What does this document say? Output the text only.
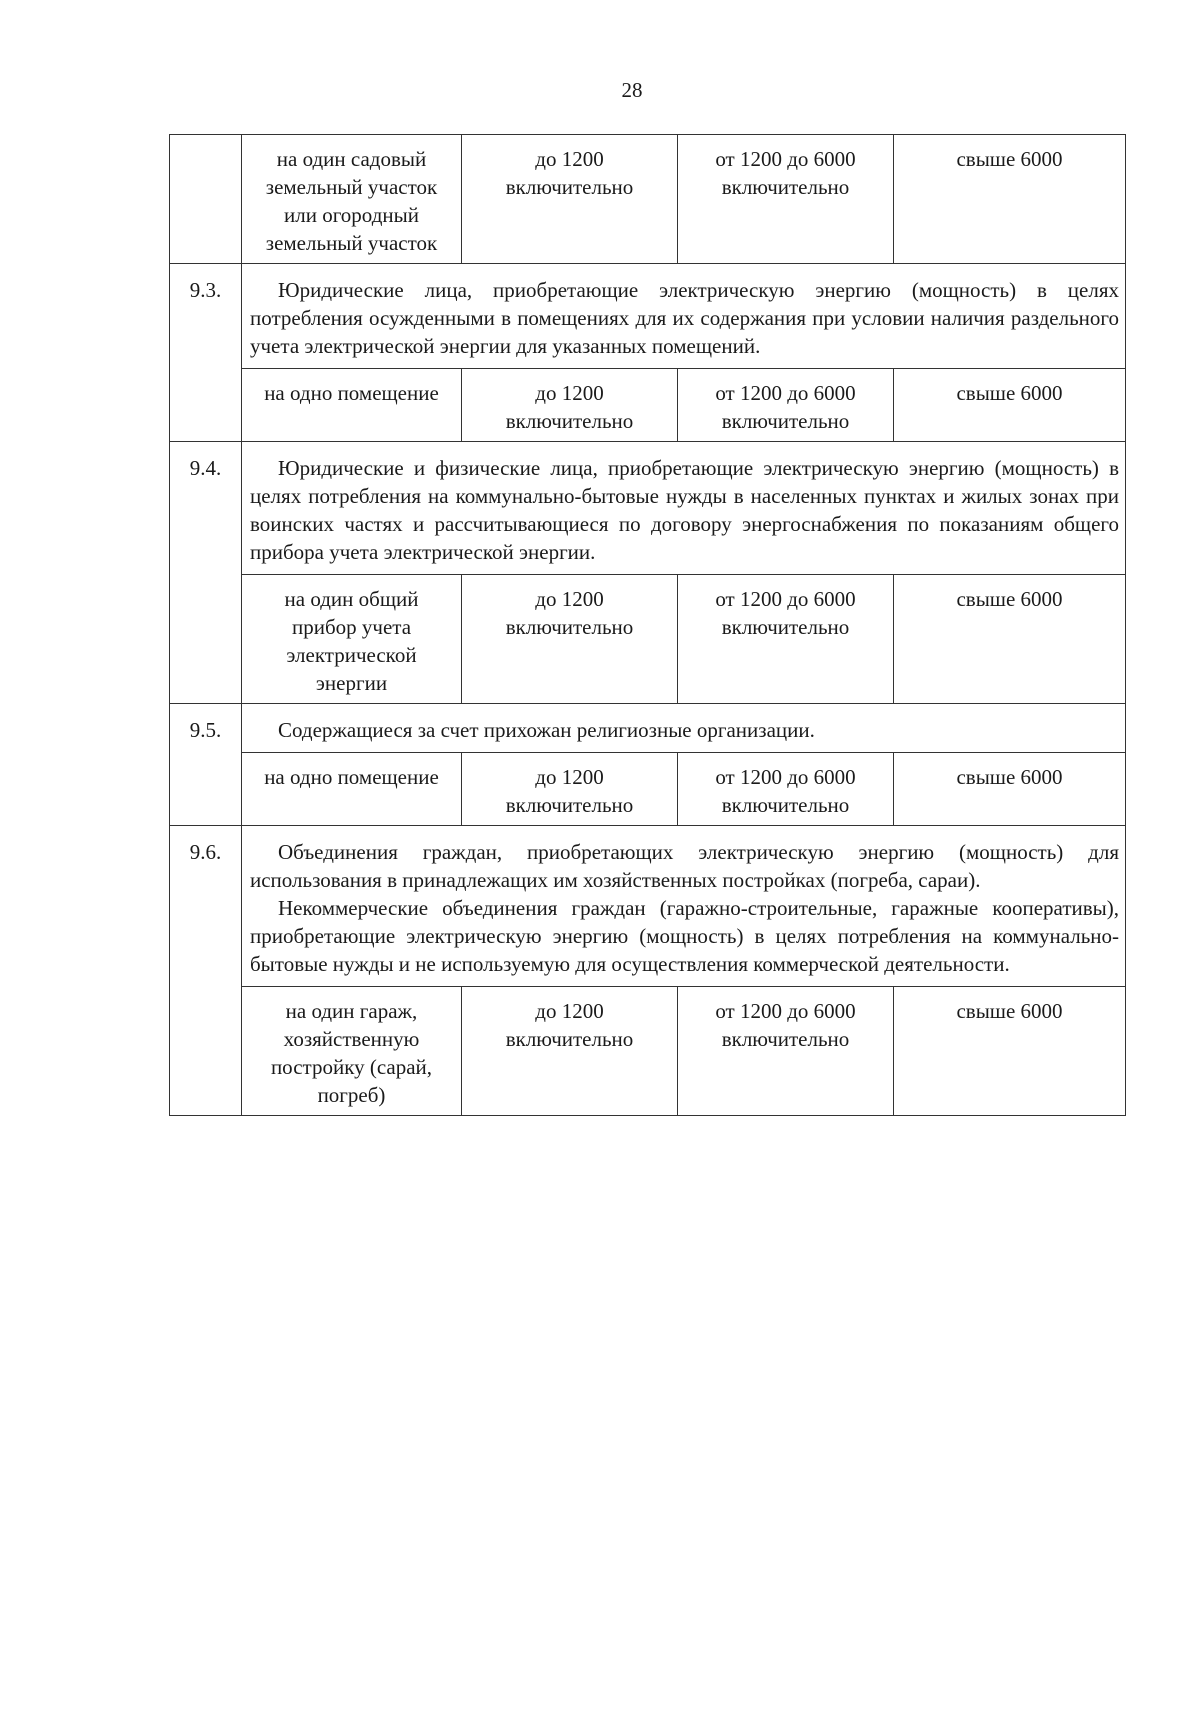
28
	на один садовый земельный участок или огородный земельный участок	до 1200 включительно	от 1200 до 6000 включительно	свыше 6000
9.3.	Юридические лица, приобретающие электрическую энергию (мощность) в целях потребления осужденными в помещениях для их содержания при условии наличия раздельного учета электрической энергии для указанных помещений.			

	на одно помещение	до 1200 включительно	от 1200 до 6000 включительно	свыше 6000
9.4.	Юридические и физические лица, приобретающие электрическую энергию (мощность) в целях потребления на коммунально-бытовые нужды в населенных пунктах и жилых зонах при воинских частях и рассчитывающиеся по договору энергоснабжения по показаниям общего прибора учета электрической энергии.			

	на один общий прибор учета электрической энергии	до 1200 включительно	от 1200 до 6000 включительно	свыше 6000
9.5.	Содержащиеся за счет прихожан религиозные организации.			

	на одно помещение	до 1200 включительно	от 1200 до 6000 включительно	свыше 6000
9.6.	Объединения граждан, приобретающих электрическую энергию (мощность) для использования в принадлежащих им хозяйственных постройках (погреба, сараи).

Некоммерческие объединения граждан (гаражно-строительные, гаражные кооперативы), приобретающие электрическую энергию (мощность) в целях потребления на коммунально-бытовые нужды и не используемую для осуществления коммерческой деятельности.			

	на один гараж, хозяйственную постройку (сарай, погреб)	до 1200 включительно	от 1200 до 6000 включительно	свыше 6000
